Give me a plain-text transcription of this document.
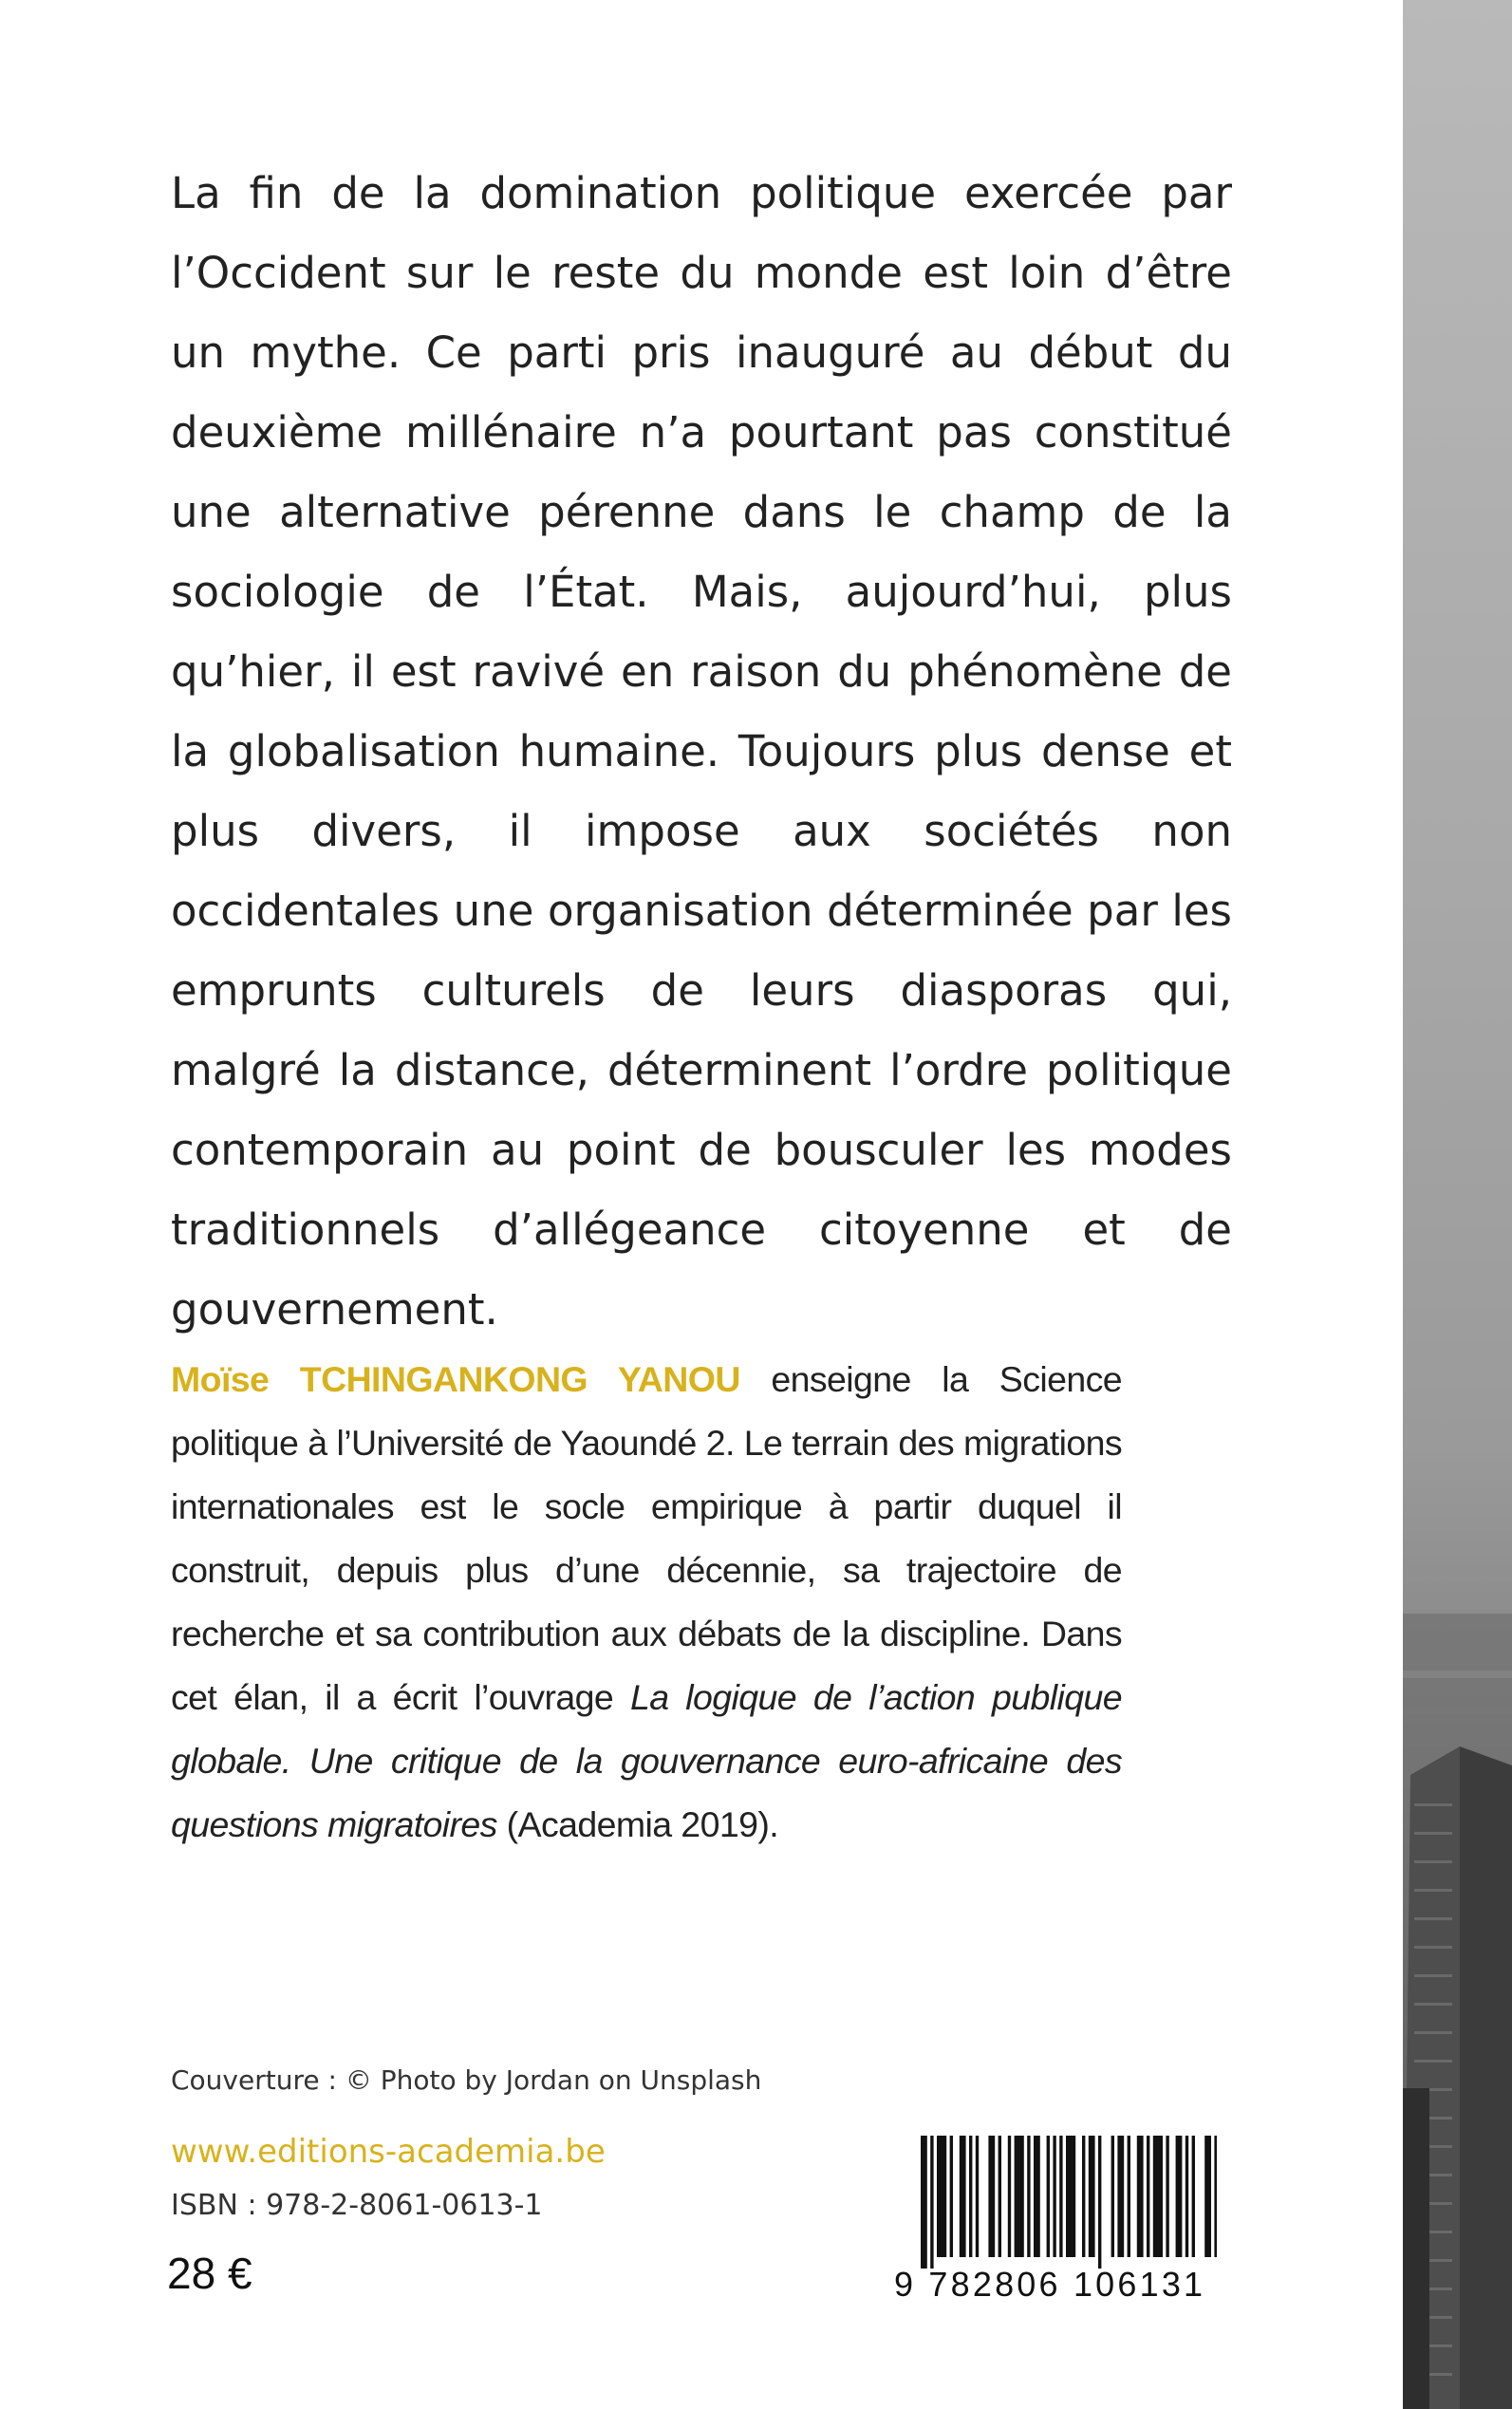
La fin de la domination politique exercée par l’Occident sur le reste du monde est loin d’être un mythe. Ce parti pris inauguré au début du deuxième millénaire n’a pourtant pas constitué une alternative pérenne dans le champ de la sociologie de l’État. Mais, aujourd’hui, plus qu’hier, il est ravivé en raison du phénomène de la globalisation humaine. Toujours plus dense et plus divers, il impose aux sociétés non occidentales une organisation déterminée par les emprunts culturels de leurs diasporas qui, malgré la distance, déterminent l’ordre politique contemporain au point de bousculer les modes traditionnels d’allégeance citoyenne et de gouvernement.

Moïse TCHINGANKONG YANOU enseigne la Science politique à l’Université de Yaoundé 2. Le terrain des migrations internationales est le socle empirique à partir duquel il construit, depuis plus d’une décennie, sa trajectoire de recherche et sa contribution aux débats de la discipline. Dans cet élan, il a écrit l’ouvrage La logique de l’action publique globale. Une critique de la gouvernance euro-africaine des questions migratoires (Academia 2019).

Couverture : © Photo by Jordan on Unsplash

www.editions-academia.be

ISBN : 978-2-8061-0613-1

28 €	9 782806 106131
